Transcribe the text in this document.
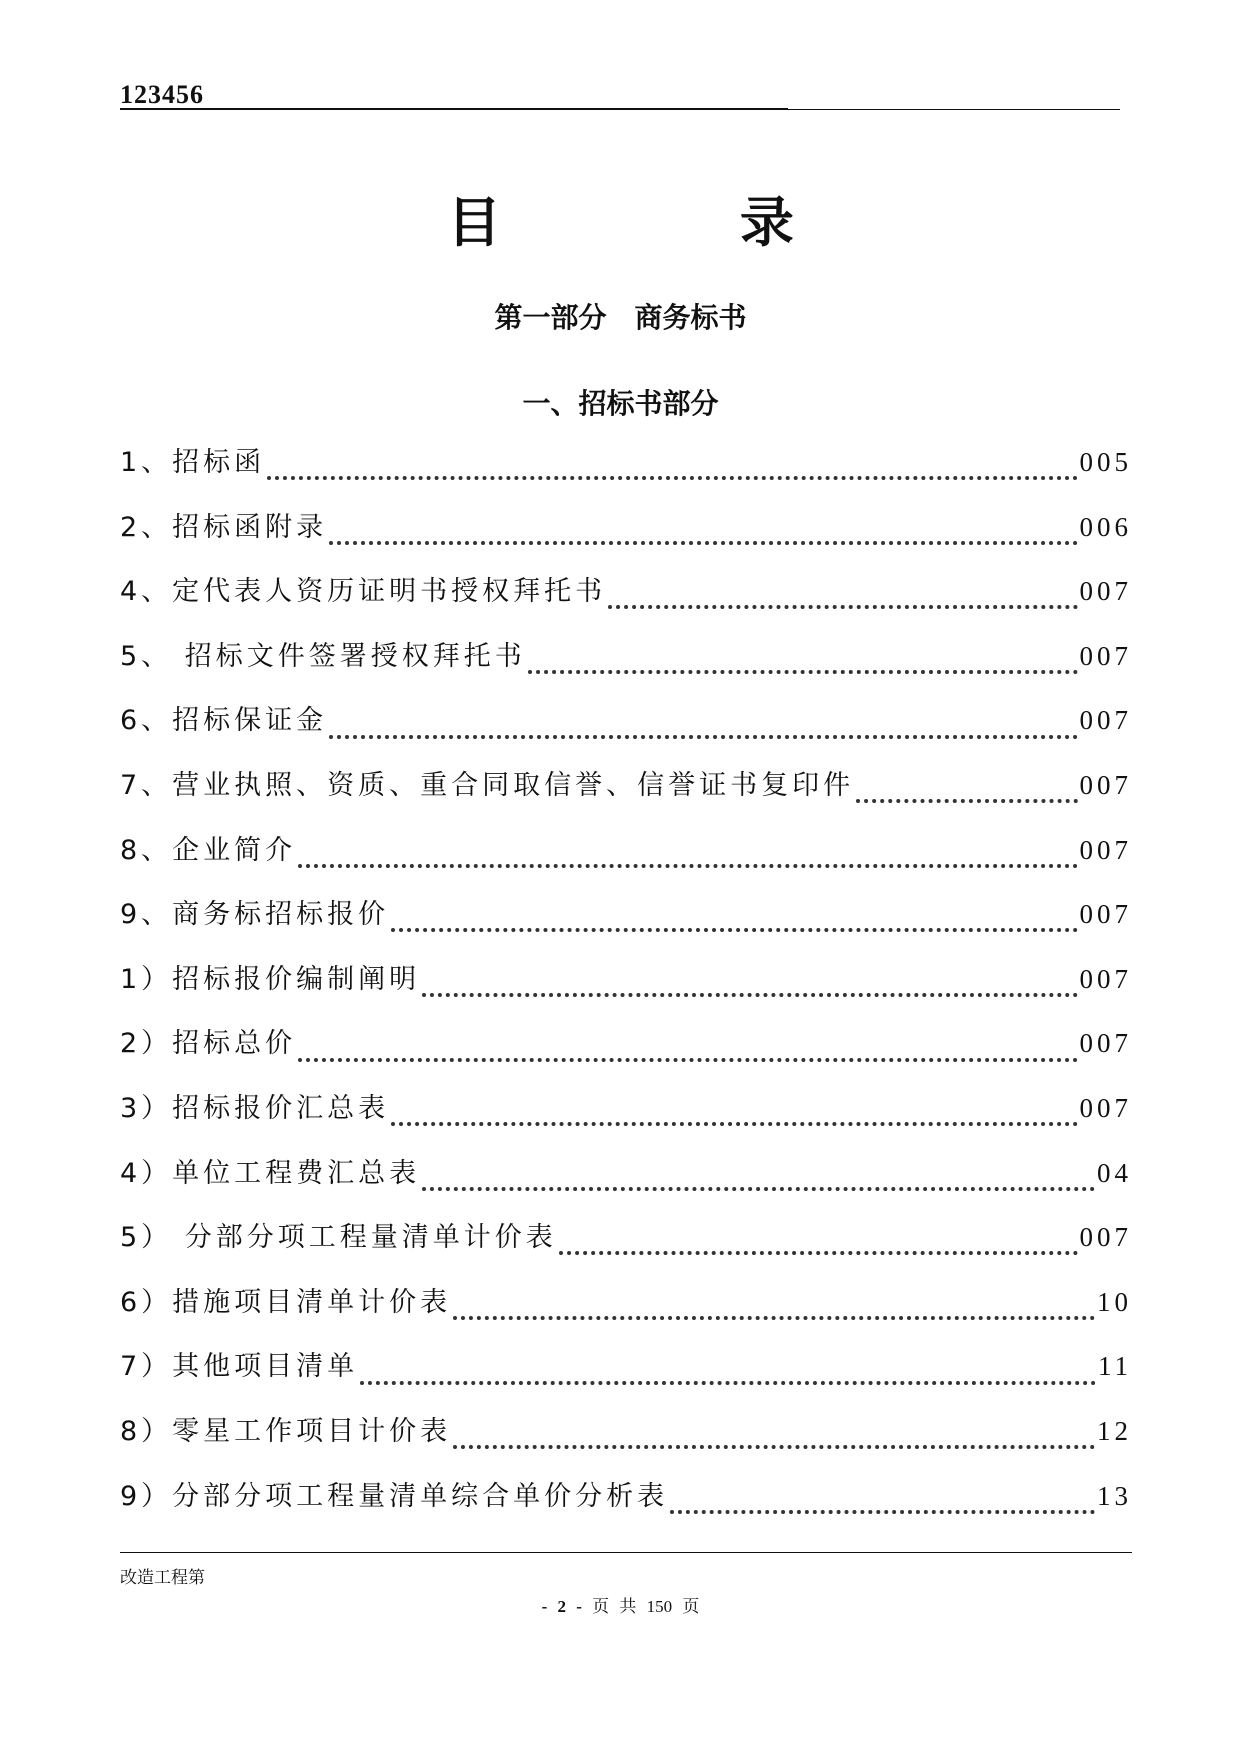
123456
目 录
第一部分　商务标书
一、招标书部分
1、招标函	005
2、招标函附录	006
4、定代表人资历证明书授权拜托书	007
5、 招标文件签署授权拜托书	007
6、招标保证金	007
7、营业执照、资质、重合同取信誉、信誉证书复印件	007
8、企业简介	007
9、商务标招标报价	007
1）招标报价编制阐明	007
2）招标总价	007
3）招标报价汇总表	007
4）单位工程费汇总表	04
5） 分部分项工程量清单计价表	007
6）措施项目清单计价表	10
7）其他项目清单	11
8）零星工作项目计价表	12
9）分部分项工程量清单综合单价分析表	13
改造工程第
- 2 - 页 共 150 页
